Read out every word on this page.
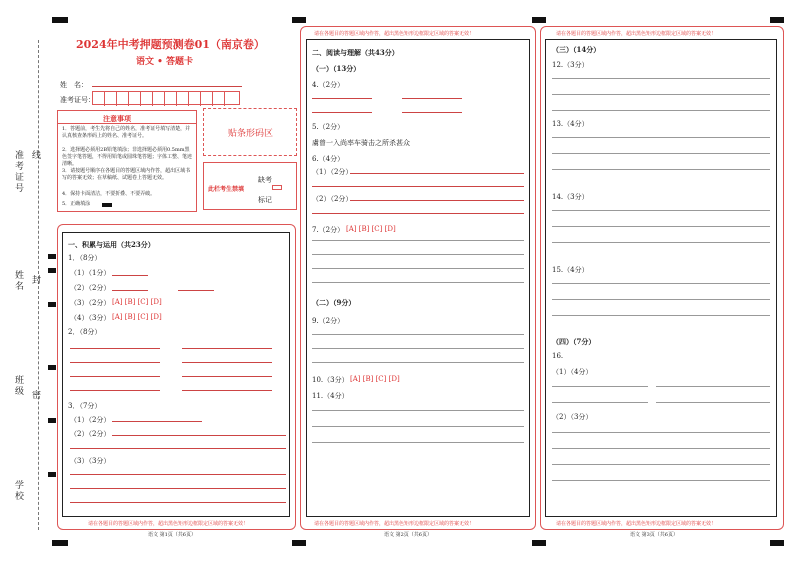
准考证号 线
姓名 封
班级 密
学校
2024年中考押题预测卷01（南京卷）
语文 • 答题卡
姓　名：
准考证号：
注意事项
1．答题前，考生先将自己的姓名，准考证号填写清楚，并认真核查条形码上的姓名、准考证号。
2．选择题必须用2B铅笔填涂；非选择题必须用0.5mm黑色签字笔答题，不得用铅笔或圆珠笔答题；字体工整、笔迹清晰。
3．请按题号顺序在各题目的答题区域内作答，超出区域书写的答案无效；在草稿纸、试题卷上答题无效。
4．保持卡面清洁，不要折叠、不要弄破。
5．正确填涂
贴条形码区
此栏考生禁填
缺考
标记
一、积累与运用（共23分）
1．（8分）
（1）（1分）
（2）（2分）
（3）（2分） [A] [B] [C] [D]
（4）（3分） [A] [B] [C] [D]
2．（8分）
3．（7分）
（1）（2分）
（2）（2分）
（3）（3分）
请在各题目的答题区域内作答，超出黑色矩形边框限定区域的答案无效！
语文 第1页（共6页）
请在各题目的答题区域内作答，超出黑色矩形边框限定区域的答案无效！
二、阅读与理解（共43分）
（一）（13分）
4.（2分）
5.（2分）
虜曾一入尚率车骑击之所杀甚众
6.（4分）
（1）（2分）
（2）（2分）
7.（2分） [A] [B] [C] [D]
（二）（9分）
9.（2分）
10.（3分） [A] [B] [C] [D]
11.（4分）
请在各题目的答题区域内作答，超出黑色矩形边框限定区域的答案无效！
语文 第2页（共6页）
请在各题目的答题区域内作答，超出黑色矩形边框限定区域的答案无效！
（三）（14分）
12.（3分）
13.（4分）
14.（3分）
15.（4分）
（四）（7分）
16.
（1）（4分）
（2）（3分）
请在各题目的答题区域内作答，超出黑色矩形边框限定区域的答案无效！
语文 第3页（共6页）
